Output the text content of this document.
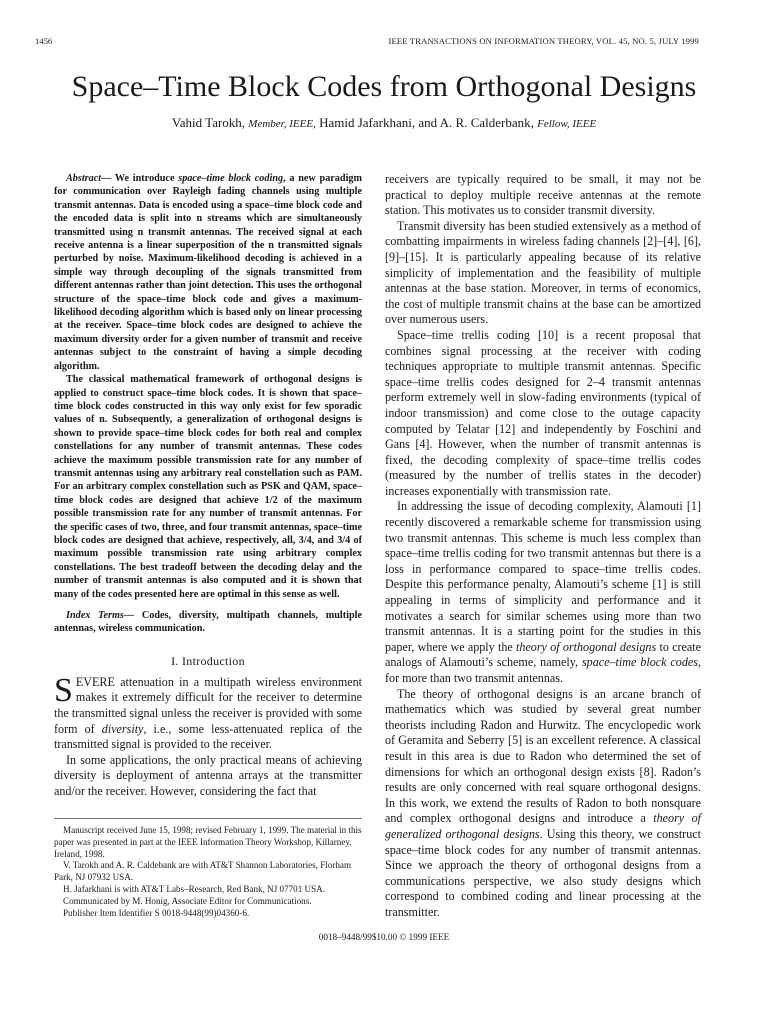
1456	IEEE TRANSACTIONS ON INFORMATION THEORY, VOL. 45, NO. 5, JULY 1999
Space–Time Block Codes from Orthogonal Designs
Vahid Tarokh, Member, IEEE, Hamid Jafarkhani, and A. R. Calderbank, Fellow, IEEE

Abstract— We introduce space–time block coding, a new paradigm for communication over Rayleigh fading channels using multiple transmit antennas. Data is encoded using a space–time block code and the encoded data is split into n streams which are simultaneously transmitted using n transmit antennas. The received signal at each receive antenna is a linear superposition of the n transmitted signals perturbed by noise. Maximum-likelihood decoding is achieved in a simple way through decoupling of the signals transmitted from different antennas rather than joint detection. This uses the orthogonal structure of the space–time block code and gives a maximum-likelihood decoding algorithm which is based only on linear processing at the receiver. Space–time block codes are designed to achieve the maximum diversity order for a given number of transmit and receive antennas subject to the constraint of having a simple decoding algorithm.

The classical mathematical framework of orthogonal designs is applied to construct space–time block codes. It is shown that space–time block codes constructed in this way only exist for few sporadic values of n. Subsequently, a generalization of orthogonal designs is shown to provide space–time block codes for both real and complex constellations for any number of transmit antennas. These codes achieve the maximum possible transmission rate for any number of transmit antennas using any arbitrary real constellation such as PAM. For an arbitrary complex constellation such as PSK and QAM, space–time block codes are designed that achieve 1/2 of the maximum possible transmission rate for any number of transmit antennas. For the specific cases of two, three, and four transmit antennas, space–time block codes are designed that achieve, respectively, all, 3/4, and 3/4 of maximum possible transmission rate using arbitrary complex constellations. The best tradeoff between the decoding delay and the number of transmit antennas is also computed and it is shown that many of the codes presented here are optimal in this sense as well.

Index Terms— Codes, diversity, multipath channels, multiple antennas, wireless communication.
I. Introduction

SEVERE attenuation in a multipath wireless environment makes it extremely difficult for the receiver to determine the transmitted signal unless the receiver is provided with some form of diversity, i.e., some less-attenuated replica of the transmitted signal is provided to the receiver.

In some applications, the only practical means of achieving diversity is deployment of antenna arrays at the transmitter and/or the receiver. However, considering the fact that

Manuscript received June 15, 1998; revised February 1, 1999. The material in this paper was presented in part at the IEEE Information Theory Workshop, Killarney, Ireland, 1998.

V. Tarokh and A. R. Caldebank are with AT&T Shannon Laboratories, Florham Park, NJ 07932 USA.

H. Jafarkhani is with AT&T Labs–Research, Red Bank, NJ 07701 USA.

Communicated by M. Honig, Associate Editor for Communications.

Publisher Item Identifier S 0018-9448(99)04360-6.

receivers are typically required to be small, it may not be practical to deploy multiple receive antennas at the remote station. This motivates us to consider transmit diversity.

Transmit diversity has been studied extensively as a method of combatting impairments in wireless fading channels [2]–[4], [6], [9]–[15]. It is particularly appealing because of its relative simplicity of implementation and the feasibility of multiple antennas at the base station. Moreover, in terms of economics, the cost of multiple transmit chains at the base can be amortized over numerous users.

Space–time trellis coding [10] is a recent proposal that combines signal processing at the receiver with coding techniques appropriate to multiple transmit antennas. Specific space–time trellis codes designed for 2–4 transmit antennas perform extremely well in slow-fading environments (typical of indoor transmission) and come close to the outage capacity computed by Telatar [12] and independently by Foschini and Gans [4]. However, when the number of transmit antennas is fixed, the decoding complexity of space–time trellis codes (measured by the number of trellis states in the decoder) increases exponentially with transmission rate.

In addressing the issue of decoding complexity, Alamouti [1] recently discovered a remarkable scheme for transmission using two transmit antennas. This scheme is much less complex than space–time trellis coding for two transmit antennas but there is a loss in performance compared to space–time trellis codes. Despite this performance penalty, Alamouti’s scheme [1] is still appealing in terms of simplicity and performance and it motivates a search for similar schemes using more than two transmit antennas. It is a starting point for the studies in this paper, where we apply the theory of orthogonal designs to create analogs of Alamouti’s scheme, namely, space–time block codes, for more than two transmit antennas.

The theory of orthogonal designs is an arcane branch of mathematics which was studied by several great number theorists including Radon and Hurwitz. The encyclopedic work of Geramita and Seberry [5] is an excellent reference. A classical result in this area is due to Radon who determined the set of dimensions for which an orthogonal design exists [8]. Radon’s results are only concerned with real square orthogonal designs. In this work, we extend the results of Radon to both nonsquare and complex orthogonal designs and introduce a theory of generalized orthogonal designs. Using this theory, we construct space–time block codes for any number of transmit antennas. Since we approach the theory of orthogonal designs from a communications perspective, we also study designs which correspond to combined coding and linear processing at the transmitter.

0018–9448/99$10.00 © 1999 IEEE
